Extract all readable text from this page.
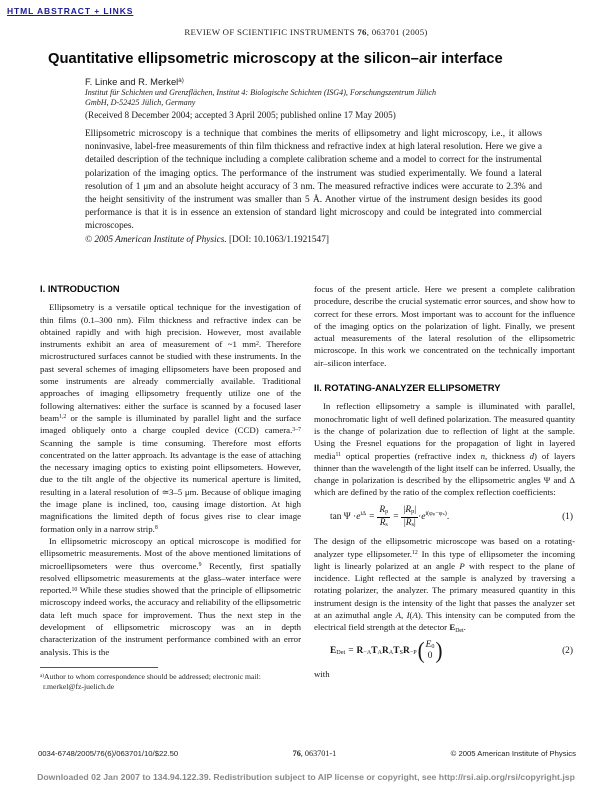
HTML ABSTRACT + LINKS
REVIEW OF SCIENTIFIC INSTRUMENTS 76, 063701 (2005)
Quantitative ellipsometric microscopy at the silicon–air interface
F. Linke and R. Merkel$^{a)}$
Institut für Schichten und Grenzflächen, Institut 4: Biologische Schichten (ISG4), Forschungszentrum Jülich
GmbH, D-52425 Jülich, Germany
(Received 8 December 2004; accepted 3 April 2005; published online 17 May 2005)
Ellipsometric microscopy is a technique that combines the merits of ellipsometry and light microscopy, i.e., it allows noninvasive, label-free measurements of thin film thickness and refractive index at high lateral resolution. Here we give a detailed description of the technique including a complete calibration scheme and a model to correct for the instrumental polarization of the imaging optics. The performance of the instrument was studied experimentally. We found a lateral resolution of 1 μm and an absolute height accuracy of 3 nm. The measured refractive indices were accurate to 2.3% and the height sensitivity of the instrument was smaller than 5 Å. Another virtue of the instrument design besides its good performance is that it is in essence an extension of standard light microscopy and could be integrated into commercial microscopes.
© 2005 American Institute of Physics. [DOI: 10.1063/1.1921547]
I. INTRODUCTION

Ellipsometry is a versatile optical technique for the investigation of thin films (0.1–300 nm). Film thickness and refractive index can be obtained rapidly and with high precision. However, most available instruments exhibit an area of measurement of ~1 $mm^2$. Therefore microstructured surfaces cannot be studied with these instruments. In the past several schemes of imaging ellipsometers have been proposed and some instruments are already commercially available. Traditional approaches of imaging ellipsometry frequently utilize one of the following alternatives: either the surface is scanned by a focused laser beam$^{1,2}$ or the sample is illuminated by parallel light and the surface imaged obliquely onto a charge coupled device (CCD) camera.$^{3-7}$ Scanning the sample is time consuming. Therefore most efforts concentrated on the latter approach. Its advantage is the ease of attaching the necessary imaging optics to existing point ellipsometers. However, due to the tilt angle of the objective its numerical aperture is limited, resulting in a lateral resolution of ≃3–5 μm. Because of oblique imaging the image plane is inclined, too, causing image distortion. At high magnifications the limited depth of focus gives rise to clear image formation only in a narrow strip.$^8$

In ellipsometric microscopy an optical microscope is modified for ellipsometric measurements. Most of the above mentioned limitations of microellipsometers were thus overcome.$^9$ Recently, first spatially resolved ellipsometric measurements at the glass–water interface were reported.$^{10}$ While these studies showed that the principle of ellipsometric microscopy indeed works, the accuracy and reliability of the ellipsometric data left much space for improvement. Thus the next step in the development of ellipsometric microscopy was an in depth characterization of the instrument performance combined with an error analysis. This is the

$^{a)}$Author to whom correspondence should be addressed; electronic mail:
r.merkel@fz-juelich.de

focus of the present article. Here we present a complete calibration procedure, describe the crucial systematic error sources, and show how to correct for these errors. Most important was to account for the influence of the imaging optics on the polarization of light. Finally, we present actual measurements of the lateral resolution of the ellipsometric microscope. In this work we concentrated on the technically important air–silicon interface.

II. ROTATING-ANALYZER ELLIPSOMETRY

In reflection ellipsometry a sample is illuminated with parallel, monochromatic light of well defined polarization. The measured quantity is the change of polarization due to reflection of light at the sample. Using the Fresnel equations for the propagation of light in layered media$^{11}$ optical properties (refractive index n, thickness d) of layers thinner than the wavelength of the light itself can be inferred. Usually, the change in polarization is described by the ellipsometric angles Ψ and Δ which are defined by the ratio of the complex reflection coefficients:

$\tan \Psi \cdot e^{i\Delta} = \frac{R_p}{R_s} = \frac{|R_p|}{|R_s|} \cdot e^{i(\varphi_p-\varphi_s)}$ .	(1)

The design of the ellipsometric microscope was based on a rotating-analyzer type ellipsometer.$^{12}$ In this type of ellipsometer the incoming light is linearly polarized at an angle P with respect to the plane of incidence. Light reflected at the sample is analyzed by traversing a rotating polarizer, the analyzer. The primary measured quantity in this instrument design is the intensity of the light that passes the analyzer set at an azimuthal angle A, I(A). This intensity can be computed from the electrical field strength at the detector $E_{Det}$.

$E_{Det} = R_{-A}$ $T_A$ $R_A$ $T_S$ $R_{-P}$ ( $E_0$
0 )	(2)

with

0034-6748/2005/76(6)/063701/10/$22.50	76, 063701-1	© 2005 American Institute of Physics
Downloaded 02 Jan 2007 to 134.94.122.39. Redistribution subject to AIP license or copyright, see http://rsi.aip.org/rsi/copyright.jsp
